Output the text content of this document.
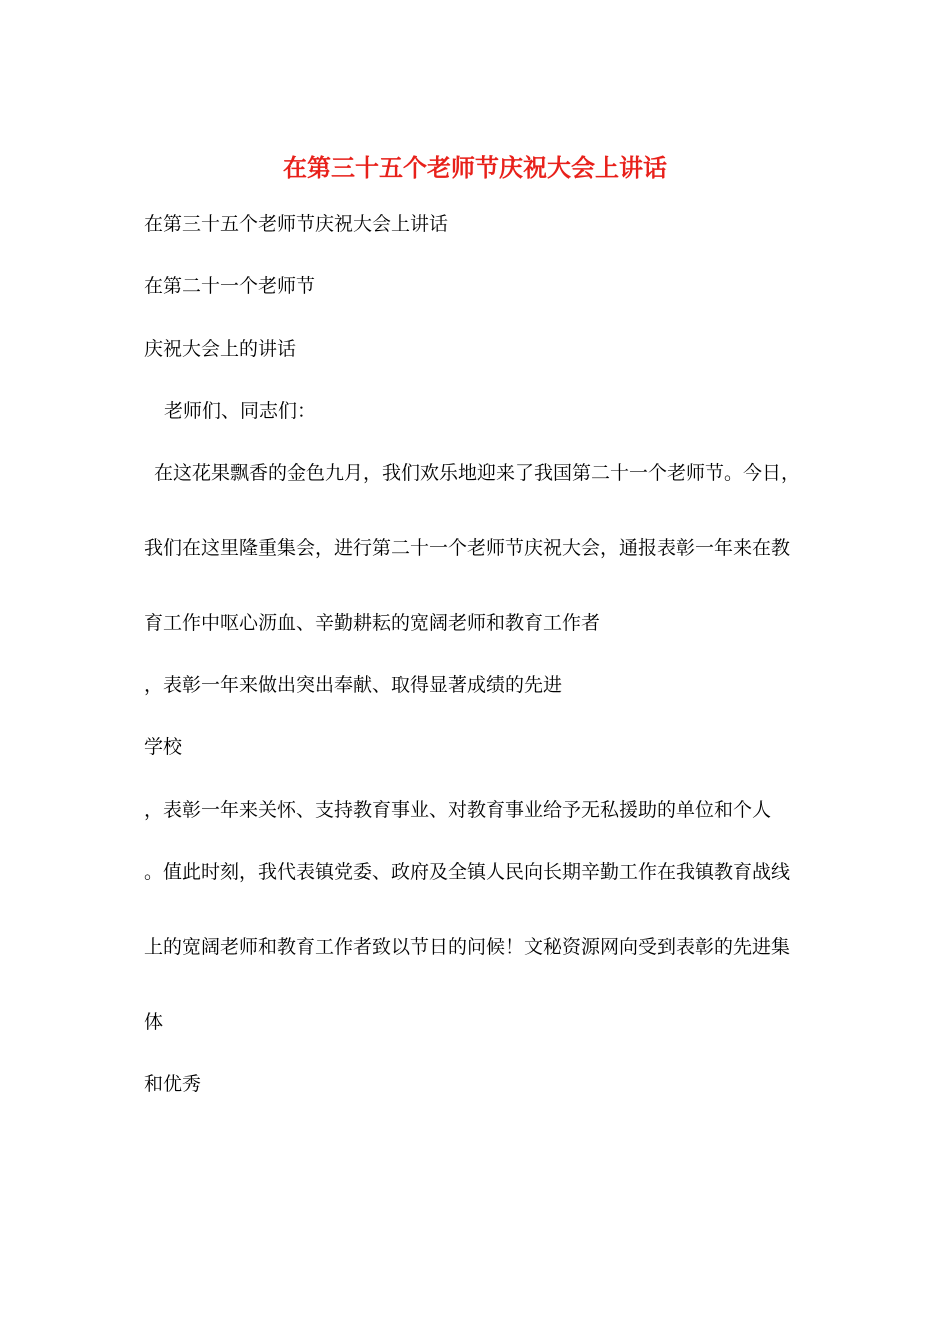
在第三十五个老师节庆祝大会上讲话
在第三十五个老师节庆祝大会上讲话
在第二十一个老师节
庆祝大会上的讲话
老师们、同志们：
在这花果飘香的金色九月，我们欢乐地迎来了我国第二十一个老师节。今日，
我们在这里隆重集会，进行第二十一个老师节庆祝大会，通报表彰一年来在教
育工作中呕心沥血、辛勤耕耘的宽阔老师和教育工作者
，表彰一年来做出突出奉献、取得显著成绩的先进
学校
，表彰一年来关怀、支持教育事业、对教育事业给予无私援助的单位和个人
。值此时刻，我代表镇党委、政府及全镇人民向长期辛勤工作在我镇教育战线
上的宽阔老师和教育工作者致以节日的问候！文秘资源网向受到表彰的先进集
体
和优秀
